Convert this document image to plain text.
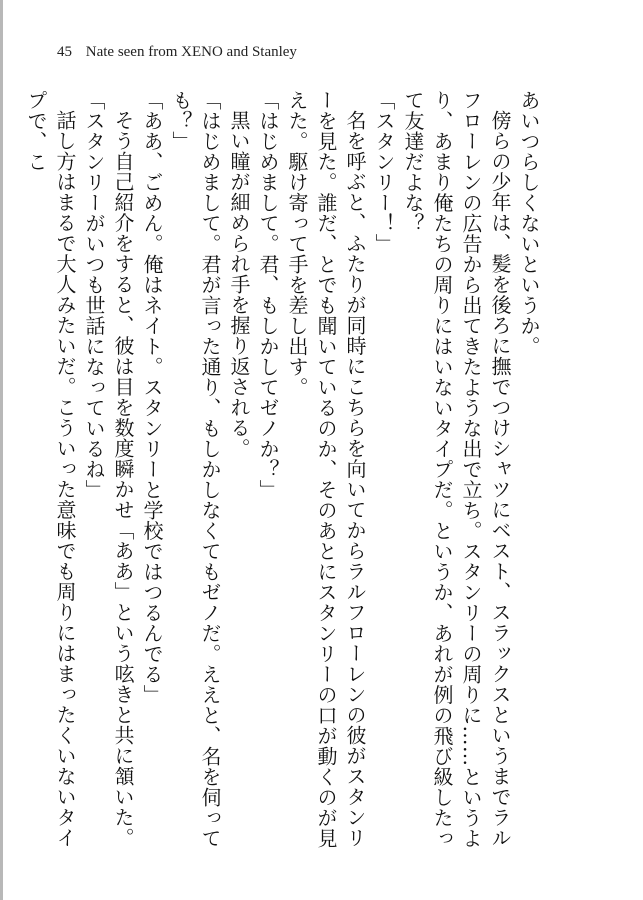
45 Nate seen from XENO and Stanley

あいつらしくないというか。

傍らの少年は、髪を後ろに撫でつけシャツにベスト、スラックスというまでラルフローレンの広告から出てきたような出で立ち。スタンリーの周りに……というより、あまり俺たちの周りにはいないタイプだ。というか、あれが例の飛び級したって友達だよな？

「スタンリー！」

名を呼ぶと、ふたりが同時にこちらを向いてからラルフローレンの彼がスタンリーを見た。誰だ、とでも聞いているのか、そのあとにスタンリーの口が動くのが見えた。駆け寄って手を差し出す。

「はじめまして。君、もしかしてゼノか？」

黒い瞳が細められ手を握り返される。

「はじめまして。君が言った通り、もしかしなくてもゼノだ。ええと、名を伺っても？」

「ああ、ごめん。俺はネイト。スタンリーと学校ではつるんでる」

そう自己紹介をすると、彼は目を数度瞬かせ「ああ」という呟きと共に頷いた。

「スタンリーがいつも世話になっているね」

話し方はまるで大人みたいだ。こういった意味でも周りにはまったくいないタイプで、こ
